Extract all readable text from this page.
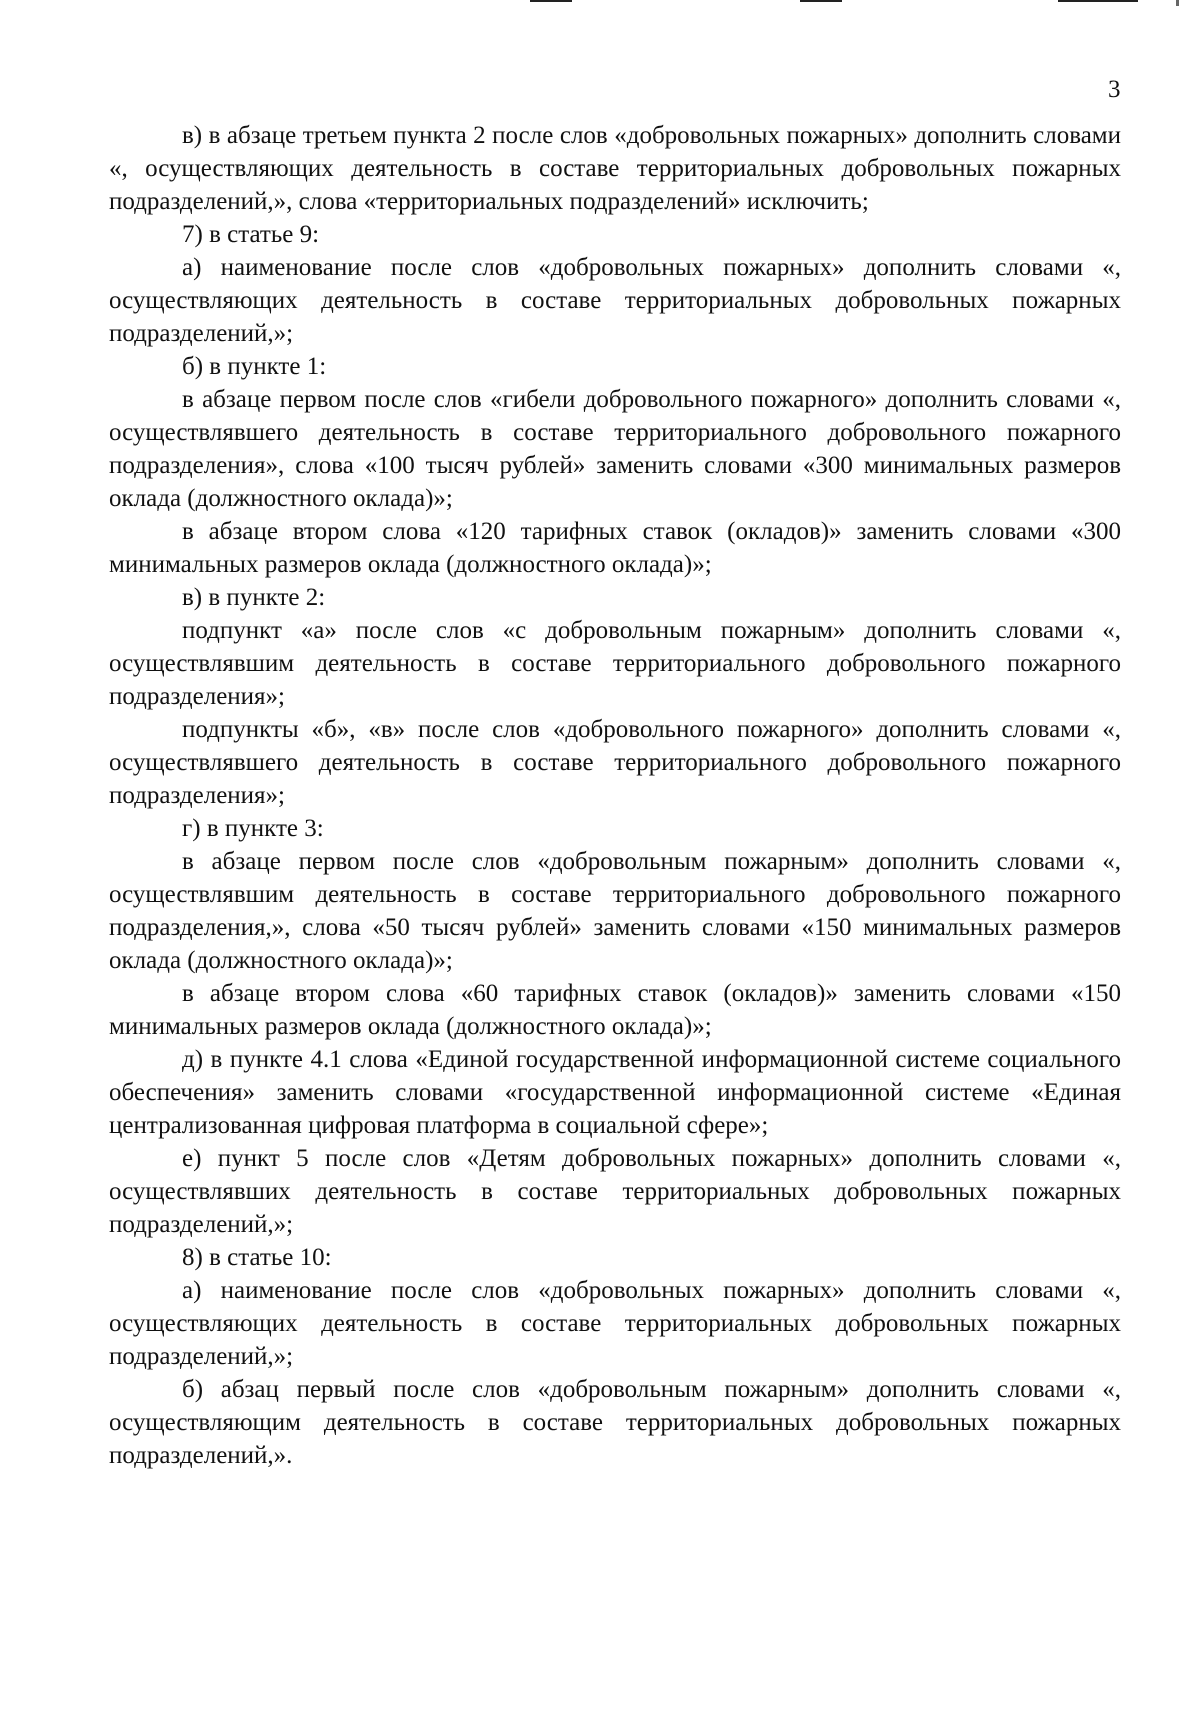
3

в) в абзаце третьем пункта 2 после слов «добровольных пожарных» дополнить словами «, осуществляющих деятельность в составе территориальных добровольных пожарных подразделений,», слова «территориальных подразделений» исключить;

7) в статье 9:

а) наименование после слов «добровольных пожарных» дополнить словами «, осуществляющих деятельность в составе территориальных добровольных пожарных подразделений,»;

б) в пункте 1:

в абзаце первом после слов «гибели добровольного пожарного» дополнить словами «, осуществлявшего деятельность в составе территориального добровольного пожарного подразделения», слова «100 тысяч рублей» заменить словами «300 минимальных размеров оклада (должностного оклада)»;

в абзаце втором слова «120 тарифных ставок (окладов)» заменить словами «300 минимальных размеров оклада (должностного оклада)»;

в) в пункте 2:

подпункт «а» после слов «с добровольным пожарным» дополнить словами «, осуществлявшим деятельность в составе территориального добровольного пожарного подразделения»;

подпункты «б», «в» после слов «добровольного пожарного» дополнить словами «, осуществлявшего деятельность в составе территориального добровольного пожарного подразделения»;

г) в пункте 3:

в абзаце первом после слов «добровольным пожарным» дополнить словами «, осуществлявшим деятельность в составе территориального добровольного пожарного подразделения,», слова «50 тысяч рублей» заменить словами «150 минимальных размеров оклада (должностного оклада)»;

в абзаце втором слова «60 тарифных ставок (окладов)» заменить словами «150 минимальных размеров оклада (должностного оклада)»;

д) в пункте 4.1 слова «Единой государственной информационной системе социального обеспечения» заменить словами «государственной информационной системе «Единая централизованная цифровая платформа в социальной сфере»;

е) пункт 5 после слов «Детям добровольных пожарных» дополнить словами «, осуществлявших деятельность в составе территориальных добровольных пожарных подразделений,»;

8) в статье 10:

а) наименование после слов «добровольных пожарных» дополнить словами «, осуществляющих деятельность в составе территориальных добровольных пожарных подразделений,»;

б) абзац первый после слов «добровольным пожарным» дополнить словами «, осуществляющим деятельность в составе территориальных добровольных пожарных подразделений,».
